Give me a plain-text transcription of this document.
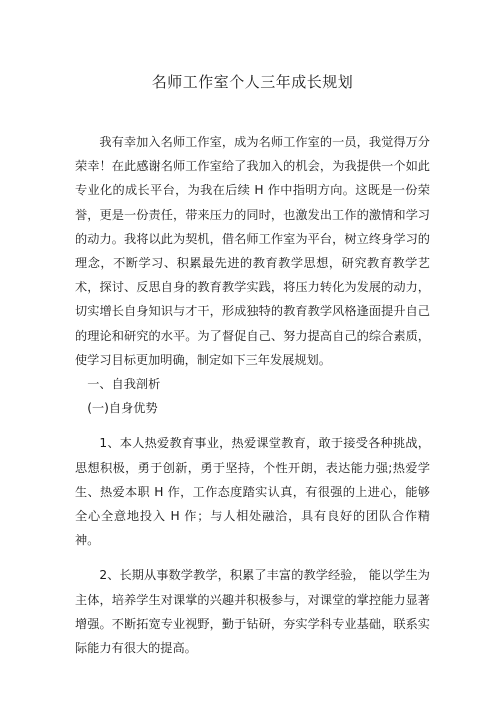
名师工作室个人三年成长规划

我有幸加入名师工作室，成为名师工作室的一员，我觉得万分荣幸！在此感谢名师工作室给了我加入的机会，为我提供一个如此专业化的成长平台，为我在后续 H 作中指明方向。这既是一份荣誉，更是一份责任，带来压力的同时，也激发出工作的激情和学习的动力。我将以此为契机，借名师工作室为平台，树立终身学习的理念，不断学习、积累最先进的教育教学思想，研究教育教学艺术，探讨、反思自身的教育教学实践，将压力转化为发展的动力，切实增长自身知识与才干，形成独特的教育教学风格逢面提升自己的理论和研究的水平。为了督促自己、努力提高自己的综合素质，使学习目标更加明确，制定如下三年发展规划。

一、自我剖析

(一)自身优势

1、本人热爱教育事业，热爱课堂教育，敢于接受各种挑战，思想积极，勇于创新，勇于坚持，个性开朗，表达能力强;热爱学生、热爱本职 H 作，工作态度踏实认真，有很强的上进心，能够全心全意地投入 H 作；与人相处融洽，具有良好的团队合作精神。

2、长期从事数学教学，积累了丰富的教学经验， 能以学生为主体，培养学生对课掌的兴趣并积极参与，对课堂的掌控能力显著增强。不断拓宽专业视野，勤于钻研，夯实学科专业基础，联系实际能力有很大的提高。
